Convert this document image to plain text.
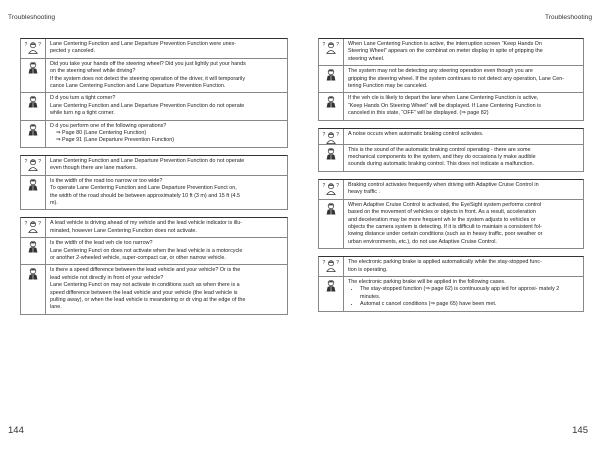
Troubleshooting	Troubleshooting
? ? Lane Centering Function and Lane Departure Prevention Function were unex-
pected y canceled.
Did you take your hands off the steering wheel? Did you just lightly put your hands
on the steering wheel while driving?
If the system does not detect the steering operation of the driver, it will temporarily
cance Lane Centering Function and Lane Departure Prevention Function.
D d you turn a tight corner?
Lane Centering Function and Lane Departure Prevention Function do not operate
while turn ng a tight corner.
D d you perform one of the following operations?
⇒ Page 80 (Lane Centering Function)
⇒ Page 91 (Lane Departure Prevention Function)
? ? Lane Centering Function and Lane Departure Prevention Function do not operate
even though there are lane markers.
Is the width of the road too narrow or too wide?
To operate Lane Centering Function and Lane Departure Prevention Funct on,
the width of the road should be between approximately 10 ft (3 m) and 15 ft (4.5
m).
? ? A lead vehicle is driving ahead of my vehicle and the lead vehicle indicator is illu-
minated, however Lane Centering Function does not activate.
Is the width of the lead veh cle too narrow?
Lane Centering Funct on does not activate when the lead vehicle is a motorcycle
or another 2-wheeled vehicle, super-compact car, or other narrow vehicle.
Is there a speed difference between the lead vehicle and your vehicle? Or is the
lead vehicle not directly in front of your vehicle?
Lane Centering Funct on may not activate in conditions such as when there is a
speed difference between the lead vehicle and your vehicle (the lead vehicle is
pulling away), or when the lead vehicle is meandering or dr ving at the edge of the
lane.
? ? When Lane Centering Function is active, the interruption screen “Keep Hands On
Steering Wheel” appears on the combinat on meter display in spite of gripping the
steering wheel.
The system may not be detecting any steering operation even though you are
gripping the steering wheel. If the system continues to not detect any operation, Lane Cen-
tering Function may be canceled.
If the veh cle is likely to depart the lane when Lane Centering Function is active,
“Keep Hands On Steering Wheel” will be displayed. If Lane Centering Function is
canceled in this state, “OFF” will be displayed. (⇒ page 82)
? ? A noise occurs when automatic braking control activates.
This is the sound of the automatic braking control operating - there are some
mechanical components to the system, and they do occasiona ly make audible
sounds during automatic braking control. This does not indicate a malfunction.
? ? Braking control activates frequently when driving with Adaptive Cruise Control in
heavy traffic .
When Adaptive Cruise Control is activated, the EyeSight system performs control
based on the movement of vehicles or objects in front. As a result, acceleration
and deceleration may be more frequent wh le the system adjusts to vehicles or
objects the camera system is detecting. If it is difficult to maintain a consistent fol-
lowing distance under certain conditions (such as in heavy traffic, poor weather or
urban environments, etc.), do not use Adaptive Cruise Control.
? ? The electronic parking brake is applied automatically while the stay-stopped func-
tion is operating.
The electronic parking brake will be applied in the following cases.
• The stay-stopped function (⇒ page 62) is continuously app ied for approxi- mately 2 minutes.
• Automat c cancel conditions (⇒ page 65) have been met.
144	145
